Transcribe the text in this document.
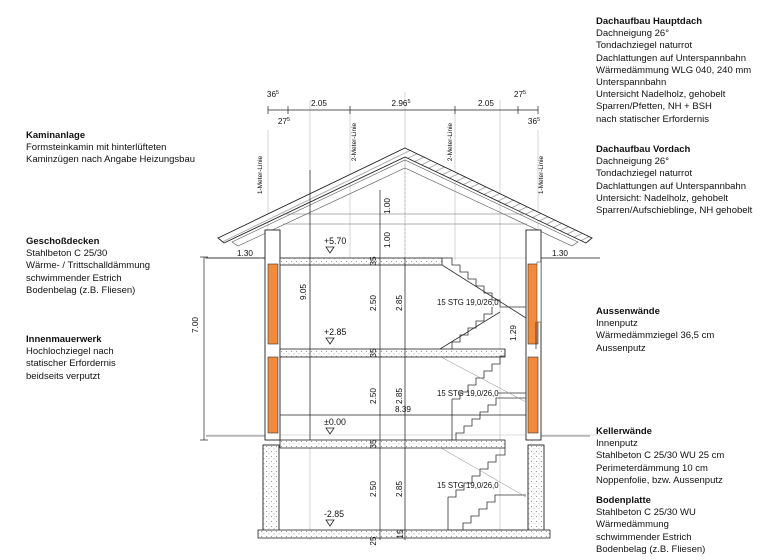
2.05	2.96$^5$	2.05
$36^5$
$27^5$
$27^5$
$36^5$
1.30	1.30
8.39
35
35
35
25
15
7.00
9.05
1.00
1.00
2.50
2.50
2.50
2.85
2.85
2.85
1.29
+5.70
+2.85
±0.00
-2.85
15 STG 19,0/26,0
15 STG 19,0/26,0
15 STG 19,0/26,0
1-Meter-Linie
2-Meter-Linie	2-Meter-Linie
1-Meter-Linie
Dachaufbau Hauptdach
Dachneigung 26°
Tondachziegel naturrot
Dachlattungen auf Unterspannbahn
Wärmedämmung WLG 040, 240 mm
Unterspannbahn
Untersicht Nadelholz, gehobelt
Sparren/Pfetten, NH + BSH
nach statischer Erfordernis
Dachaufbau Vordach
Dachneigung 26°
Tondachziegel naturrot
Dachlattungen auf Unterspannbahn
Untersicht: Nadelholz, gehobelt
Sparren/Aufschieblinge, NH gehobelt
Aussenwände
Innenputz
Wärmedämmziegel 36,5 cm
Aussenputz
Kellerwände
Innenputz
Stahlbeton C 25/30 WU 25 cm
Perimeterdämmung 10 cm
Noppenfolie, bzw. Aussenputz
Bodenplatte
Stahlbeton C 25/30 WU
Wärmedämmung
schwimmender Estrich
Bodenbelag (z.B. Fliesen)
Kaminanlage
Formsteinkamin mit hinterlüfteten
Kaminzügen nach Angabe Heizungsbau
Geschoßdecken
Stahlbeton C 25/30
Wärme- / Trittschalldämmung
schwimmender Estrich
Bodenbelag (z.B. Fliesen)
Innenmauerwerk
Hochlochziegel nach
statischer Erfordernis
beidseits verputzt
